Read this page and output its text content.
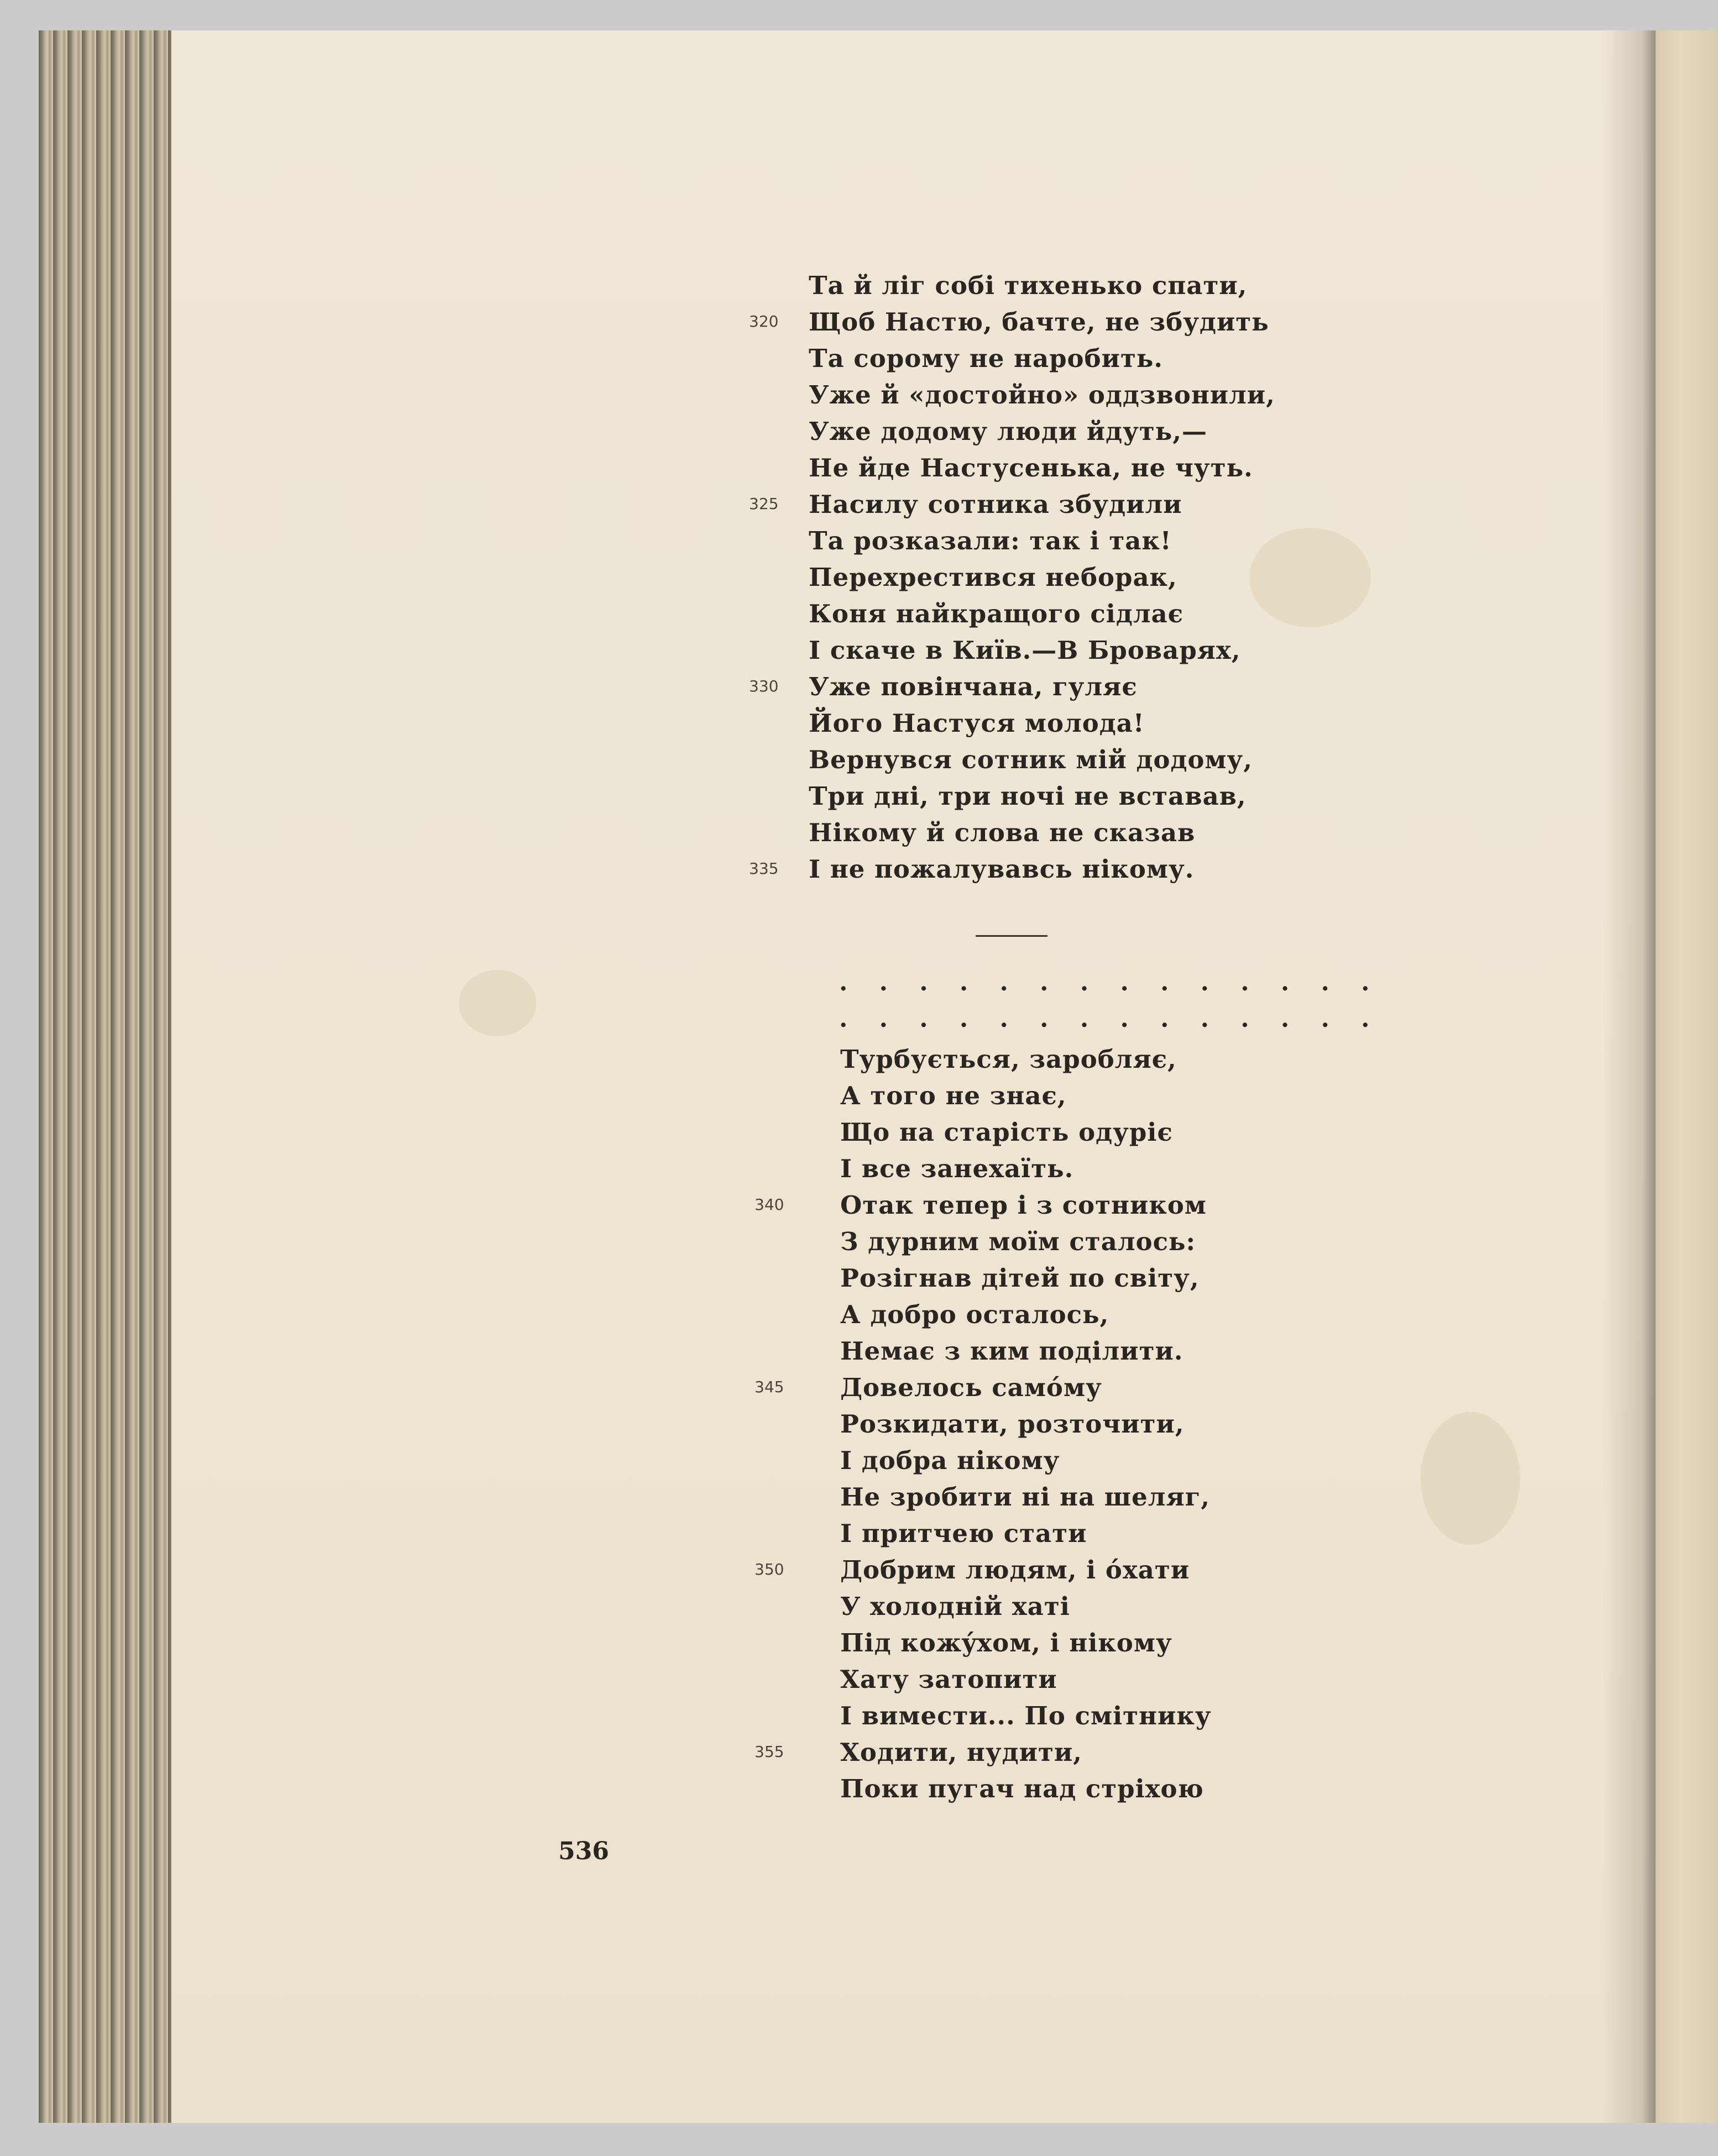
Та й ліг собі тихенько спати,
Щоб Настю, бачте, не збудить
320
Та сорому не наробить.
Уже й «достойно» оддзвонили,
Уже додому люди йдуть,—
Не йде Настусенька, не чуть.
Насилу сотника збудили
325
Та розказали: так і так!
Перехрестився неборак,
Коня найкращого сідлає
І скаче в Київ.—В Броварях,
Уже повінчана, гуляє
330
Його Настуся молода!
Вернувся сотник мій додому,
Три дні, три ночі не вставав,
Нікому й слова не сказав
І не пожалувавсь нікому.
335
. . . . . . . . . . . . . .
. . . . . . . . . . . . . .
Турбується, заробляє,
А того не знає,
Що на старість одуріє
І все занехаїть.
Отак тепер і з сотником
340
З дурним моїм сталось:
Розігнав дітей по світу,
А добро осталось,
Немає з ким поділити.
Довелось самóму
345
Розкидати, розточити,
І добра нікому
Не зробити ні на шеляг,
І притчею стати
Добрим людям, і óхати
350
У холодній хаті
Під кожýхом, і нікому
Хату затопити
І вимести... По смітнику
Ходити, нудити,
355
Поки пугач над стріхою
536
